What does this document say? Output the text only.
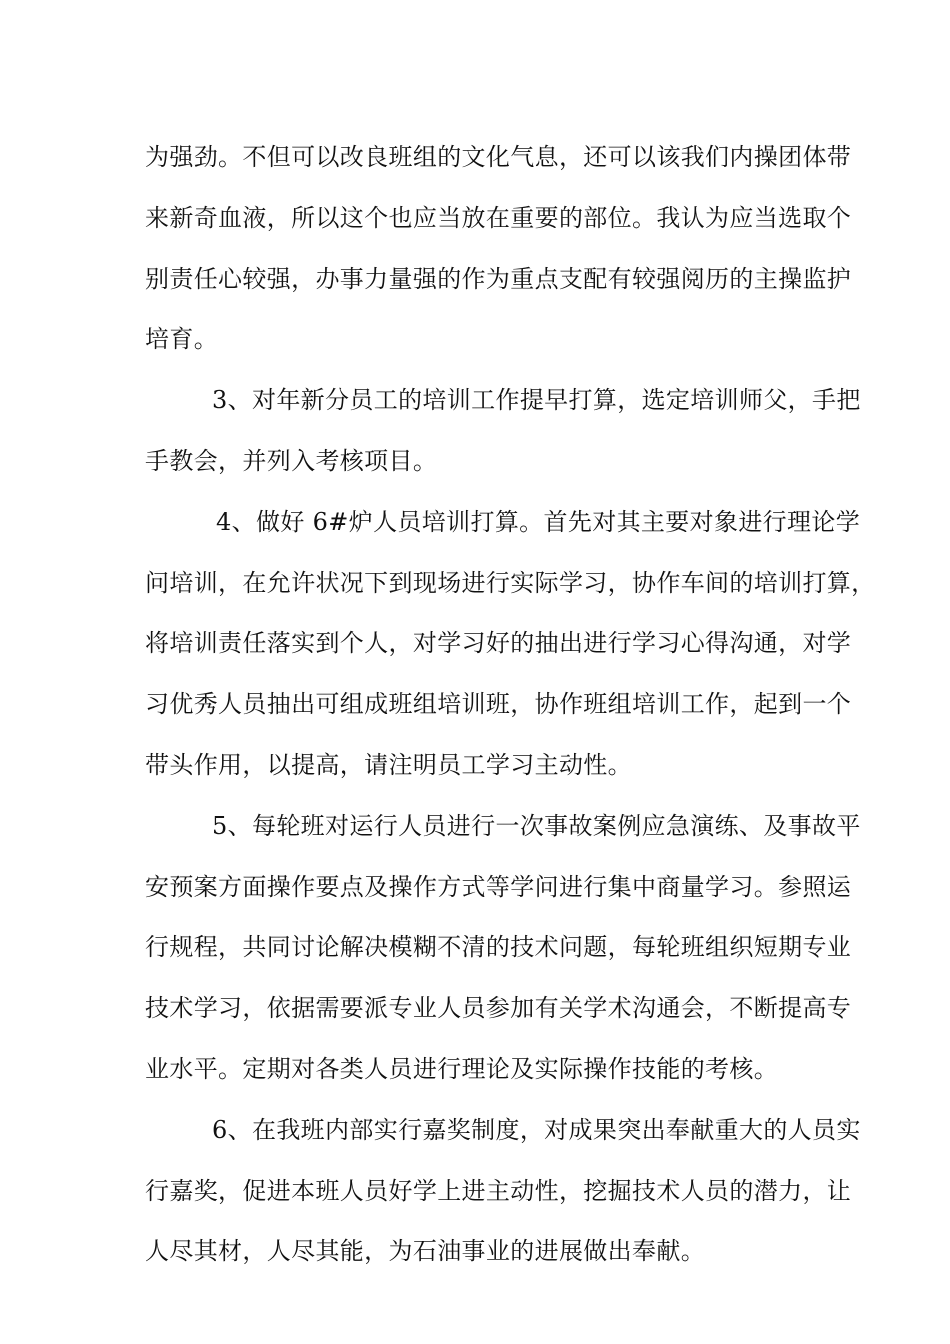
为强劲。不但可以改良班组的文化气息，还可以该我们内操团体带
来新奇血液，所以这个也应当放在重要的部位。我认为应当选取个
别责任心较强，办事力量强的作为重点支配有较强阅历的主操监护
培育。
3、对年新分员工的培训工作提早打算，选定培训师父，手把
手教会，并列入考核项目。
4、做好 6#炉人员培训打算。首先对其主要对象进行理论学
问培训，在允许状况下到现场进行实际学习，协作车间的培训打算，
将培训责任落实到个人，对学习好的抽出进行学习心得沟通，对学
习优秀人员抽出可组成班组培训班，协作班组培训工作，起到一个
带头作用，以提高，请注明员工学习主动性。
5、每轮班对运行人员进行一次事故案例应急演练、及事故平
安预案方面操作要点及操作方式等学问进行集中商量学习。参照运
行规程，共同讨论解决模糊不清的技术问题，每轮班组织短期专业
技术学习，依据需要派专业人员参加有关学术沟通会，不断提高专
业水平。定期对各类人员进行理论及实际操作技能的考核。
6、在我班内部实行嘉奖制度，对成果突出奉献重大的人员实
行嘉奖，促进本班人员好学上进主动性，挖掘技术人员的潜力，让
人尽其材，人尽其能，为石油事业的进展做出奉献。
